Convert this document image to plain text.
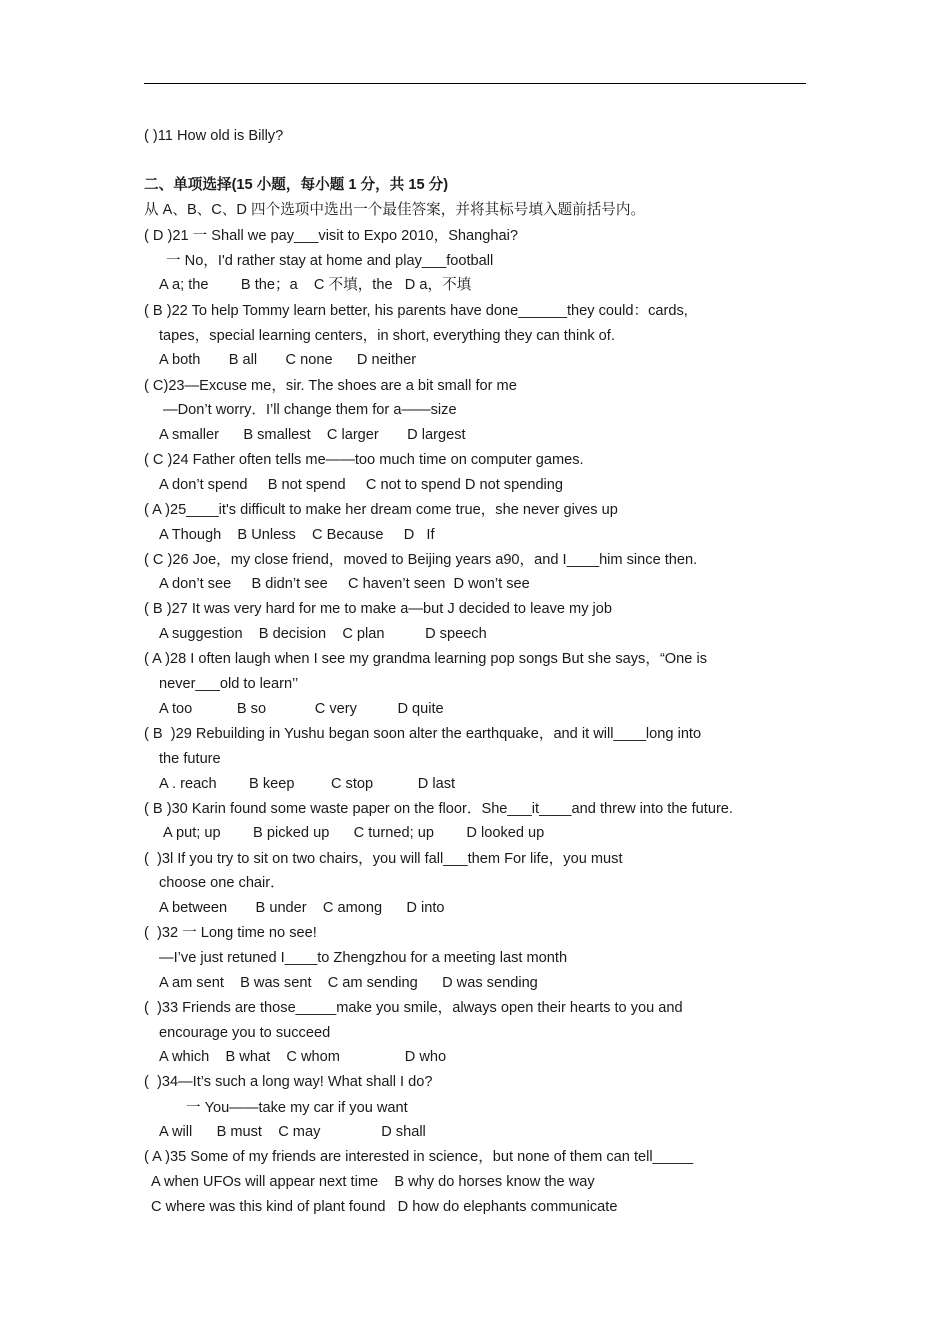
( )11 How old is Billy?
二、单项选择(15 小题，每小题 1 分，共 15 分)
从 A、B、C、D 四个选项中选出一个最佳答案，并将其标号填入题前括号内。
( D )21 一 Shall we pay___visit to Expo 2010，Shanghai?
一 No，I'd rather stay at home and play___football
A a; the        B the；a    C 不填，the   D a，不填
( B )22 To help Tommy learn better, his parents have done______they could：cards,
tapes，special learning centers，in short, everything they can think of.
A both       B all       C none      D neither
( C)23—Excuse me，sir. The shoes are a bit small for me
—Don’t worry．I’ll change them for a——size
A smaller      B smallest    C larger       D largest
( C )24 Father often tells me——too much time on computer games.
A don’t spend     B not spend     C not to spend D not spending
( A )25____it's difficult to make her dream come true，she never gives up
A Though    B Unless    C Because     D   If
( C )26 Joe，my close friend，moved to Beijing years a90，and I____him since then.
A don’t see     B didn’t see     C haven’t seen  D won’t see
( B )27 It was very hard for me to make a—but J decided to leave my job
A suggestion    B decision    C plan          D speech
( A )28 I often laugh when I see my grandma learning pop songs But she says，“One is
never___old to learn’’
A too           B so            C very          D quite
( B  )29 Rebuilding in Yushu began soon alter the earthquake，and it will____long into
the future
A . reach        B keep         C stop           D last
( B )30 Karin found some waste paper on the floor．She___it____and threw into the future.
A put; up        B picked up      C turned; up        D looked up
(  )3l If you try to sit on two chairs，you will fall___them For life，you must
choose one chair．
A between       B under    C among      D into
(  )32 一 Long time no see!
—I’ve just retuned I____to Zhengzhou for a meeting last month
A am sent    B was sent    C am sending      D was sending
(  )33 Friends are those_____make you smile，always open their hearts to you and
encourage you to succeed
A which    B what    C whom                D who
(  )34—It’s such a long way! What shall I do?
一 You——take my car if you want
A will      B must    C may               D shall
( A )35 Some of my friends are interested in science，but none of them can tell_____
A when UFOs will appear next time    B why do horses know the way
C where was this kind of plant found   D how do elephants communicate
